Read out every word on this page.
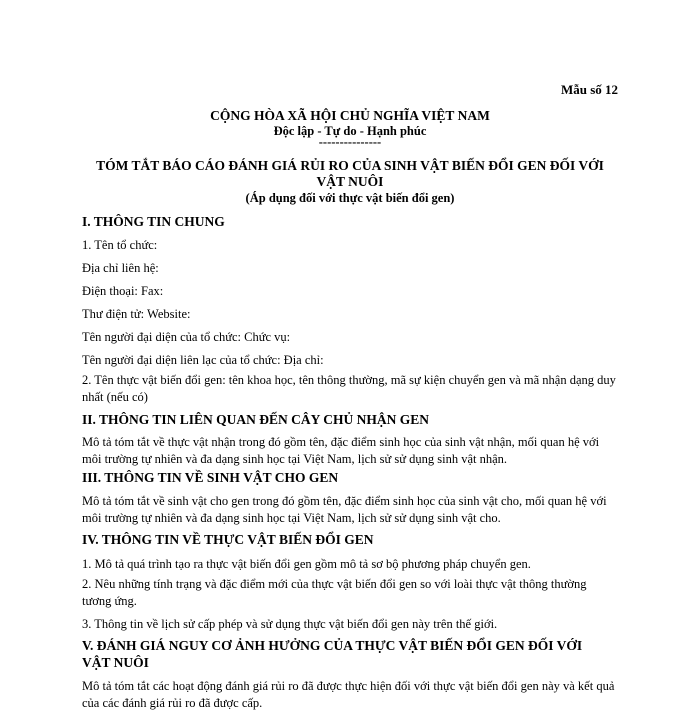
Mẫu số 12
CỘNG HÒA XÃ HỘI CHỦ NGHĨA VIỆT NAM
Độc lập - Tự do - Hạnh phúc
---------------
TÓM TẮT BÁO CÁO ĐÁNH GIÁ RỦI RO CỦA SINH VẬT BIẾN ĐỔI GEN ĐỐI VỚI
VẬT NUÔI
(Áp dụng đối với thực vật biến đổi gen)
I. THÔNG TIN CHUNG
1. Tên tổ chức:
Địa chỉ liên hệ:
Điện thoại: Fax:
Thư điện tử: Website:
Tên người đại diện của tổ chức: Chức vụ:
Tên người đại diện liên lạc của tổ chức: Địa chỉ:
2. Tên thực vật biến đổi gen: tên khoa học, tên thông thường, mã sự kiện chuyển gen và mã nhận dạng duy nhất (nếu có)
II. THÔNG TIN LIÊN QUAN ĐẾN CÂY CHỦ NHẬN GEN
Mô tả tóm tắt về thực vật nhận trong đó gồm tên, đặc điểm sinh học của sinh vật nhận, mối quan hệ với môi trường tự nhiên và đa dạng sinh học tại Việt Nam, lịch sử sử dụng sinh vật nhận.
III. THÔNG TIN VỀ SINH VẬT CHO GEN
Mô tả tóm tắt về sinh vật cho gen trong đó gồm tên, đặc điểm sinh học của sinh vật cho, mối quan hệ với môi trường tự nhiên và đa dạng sinh học tại Việt Nam, lịch sử sử dụng sinh vật cho.
IV. THÔNG TIN VỀ THỰC VẬT BIẾN ĐỔI GEN
1. Mô tả quá trình tạo ra thực vật biến đổi gen gồm mô tả sơ bộ phương pháp chuyển gen.
2. Nêu những tính trạng và đặc điểm mới của thực vật biến đổi gen so với loài thực vật thông thường tương ứng.
3. Thông tin về lịch sử cấp phép và sử dụng thực vật biến đổi gen này trên thế giới.
V. ĐÁNH GIÁ NGUY CƠ ẢNH HƯỞNG CỦA THỰC VẬT BIẾN ĐỔI GEN ĐỐI VỚI
VẬT NUÔI
Mô tả tóm tắt các hoạt động đánh giá rủi ro đã được thực hiện đối với thực vật biến đổi gen này và kết quả của các đánh giá rủi ro đã được cấp.
